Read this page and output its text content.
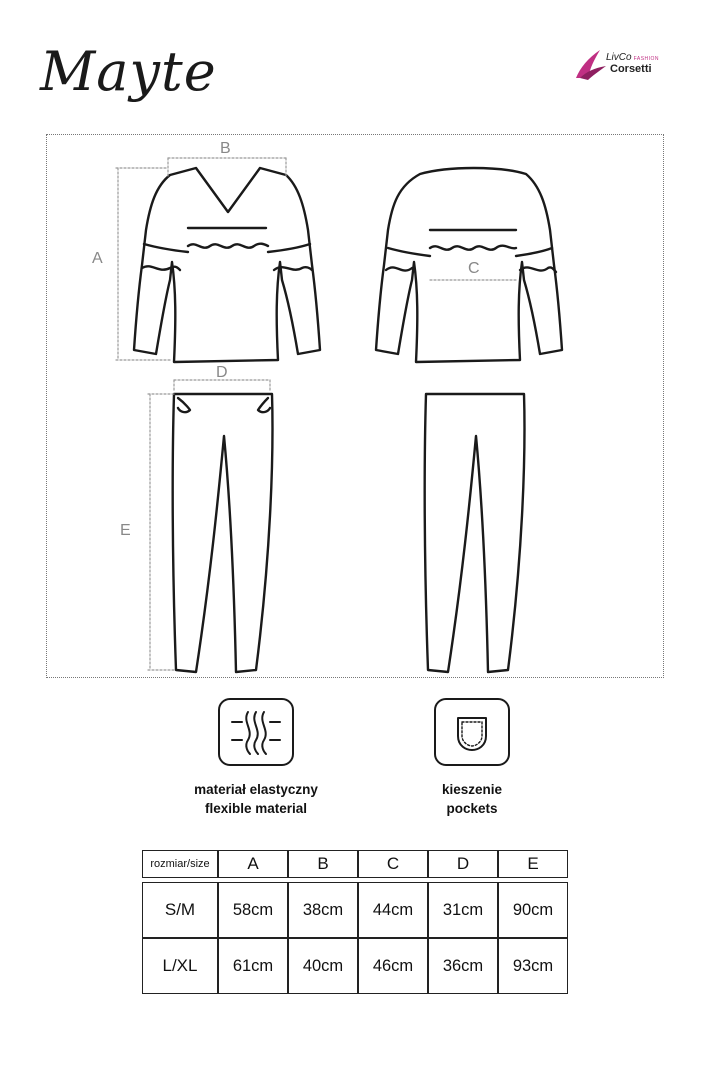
Mayte	LivCo FASHION
Corsetti
A
B
C
D
E
materiał elastyczny
flexible material
kieszenie
pockets
rozmiar/size	A	B	C	D	E

S/M	58cm	38cm	44cm	31cm	90cm
L/XL	61cm	40cm	46cm	36cm	93cm
